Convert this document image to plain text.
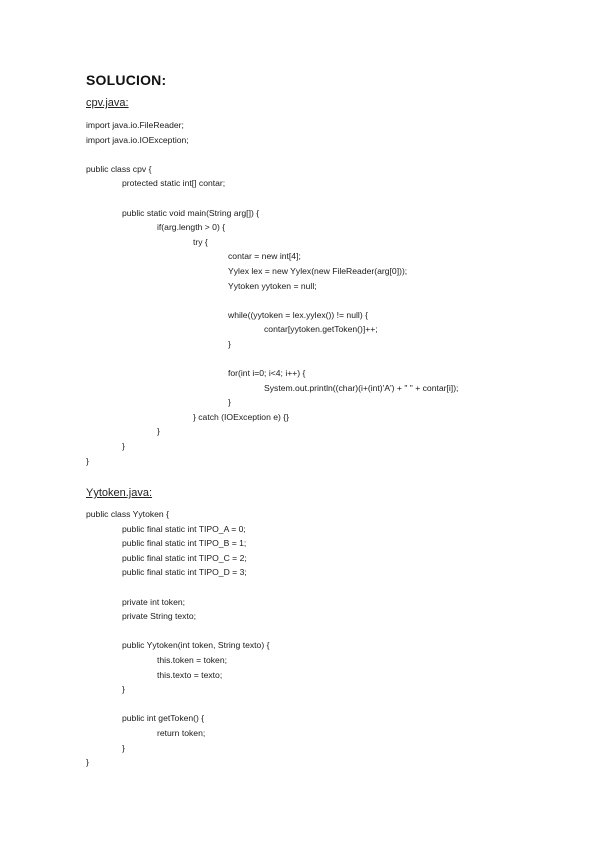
SOLUCION:
cpv.java:
import java.io.FileReader;
import java.io.IOException;
public class cpv {
protected static int[] contar;
public static void main(String arg[]) {
if(arg.length > 0) {
try {
contar = new int[4];
Yylex lex = new Yylex(new FileReader(arg[0]));
Yytoken yytoken = null;
while((yytoken = lex.yylex()) != null) {
contar[yytoken.getToken()]++;
}
for(int i=0; i<4; i++) {
System.out.println((char)(i+(int)'A') + " " + contar[i]);
}
} catch (IOException e) {}
}
}
}
Yytoken.java:
public class Yytoken {
public final static int TIPO_A = 0;
public final static int TIPO_B = 1;
public final static int TIPO_C = 2;
public final static int TIPO_D = 3;
private int token;
private String texto;
public Yytoken(int token, String texto) {
this.token = token;
this.texto = texto;
}
public int getToken() {
return token;
}
}
